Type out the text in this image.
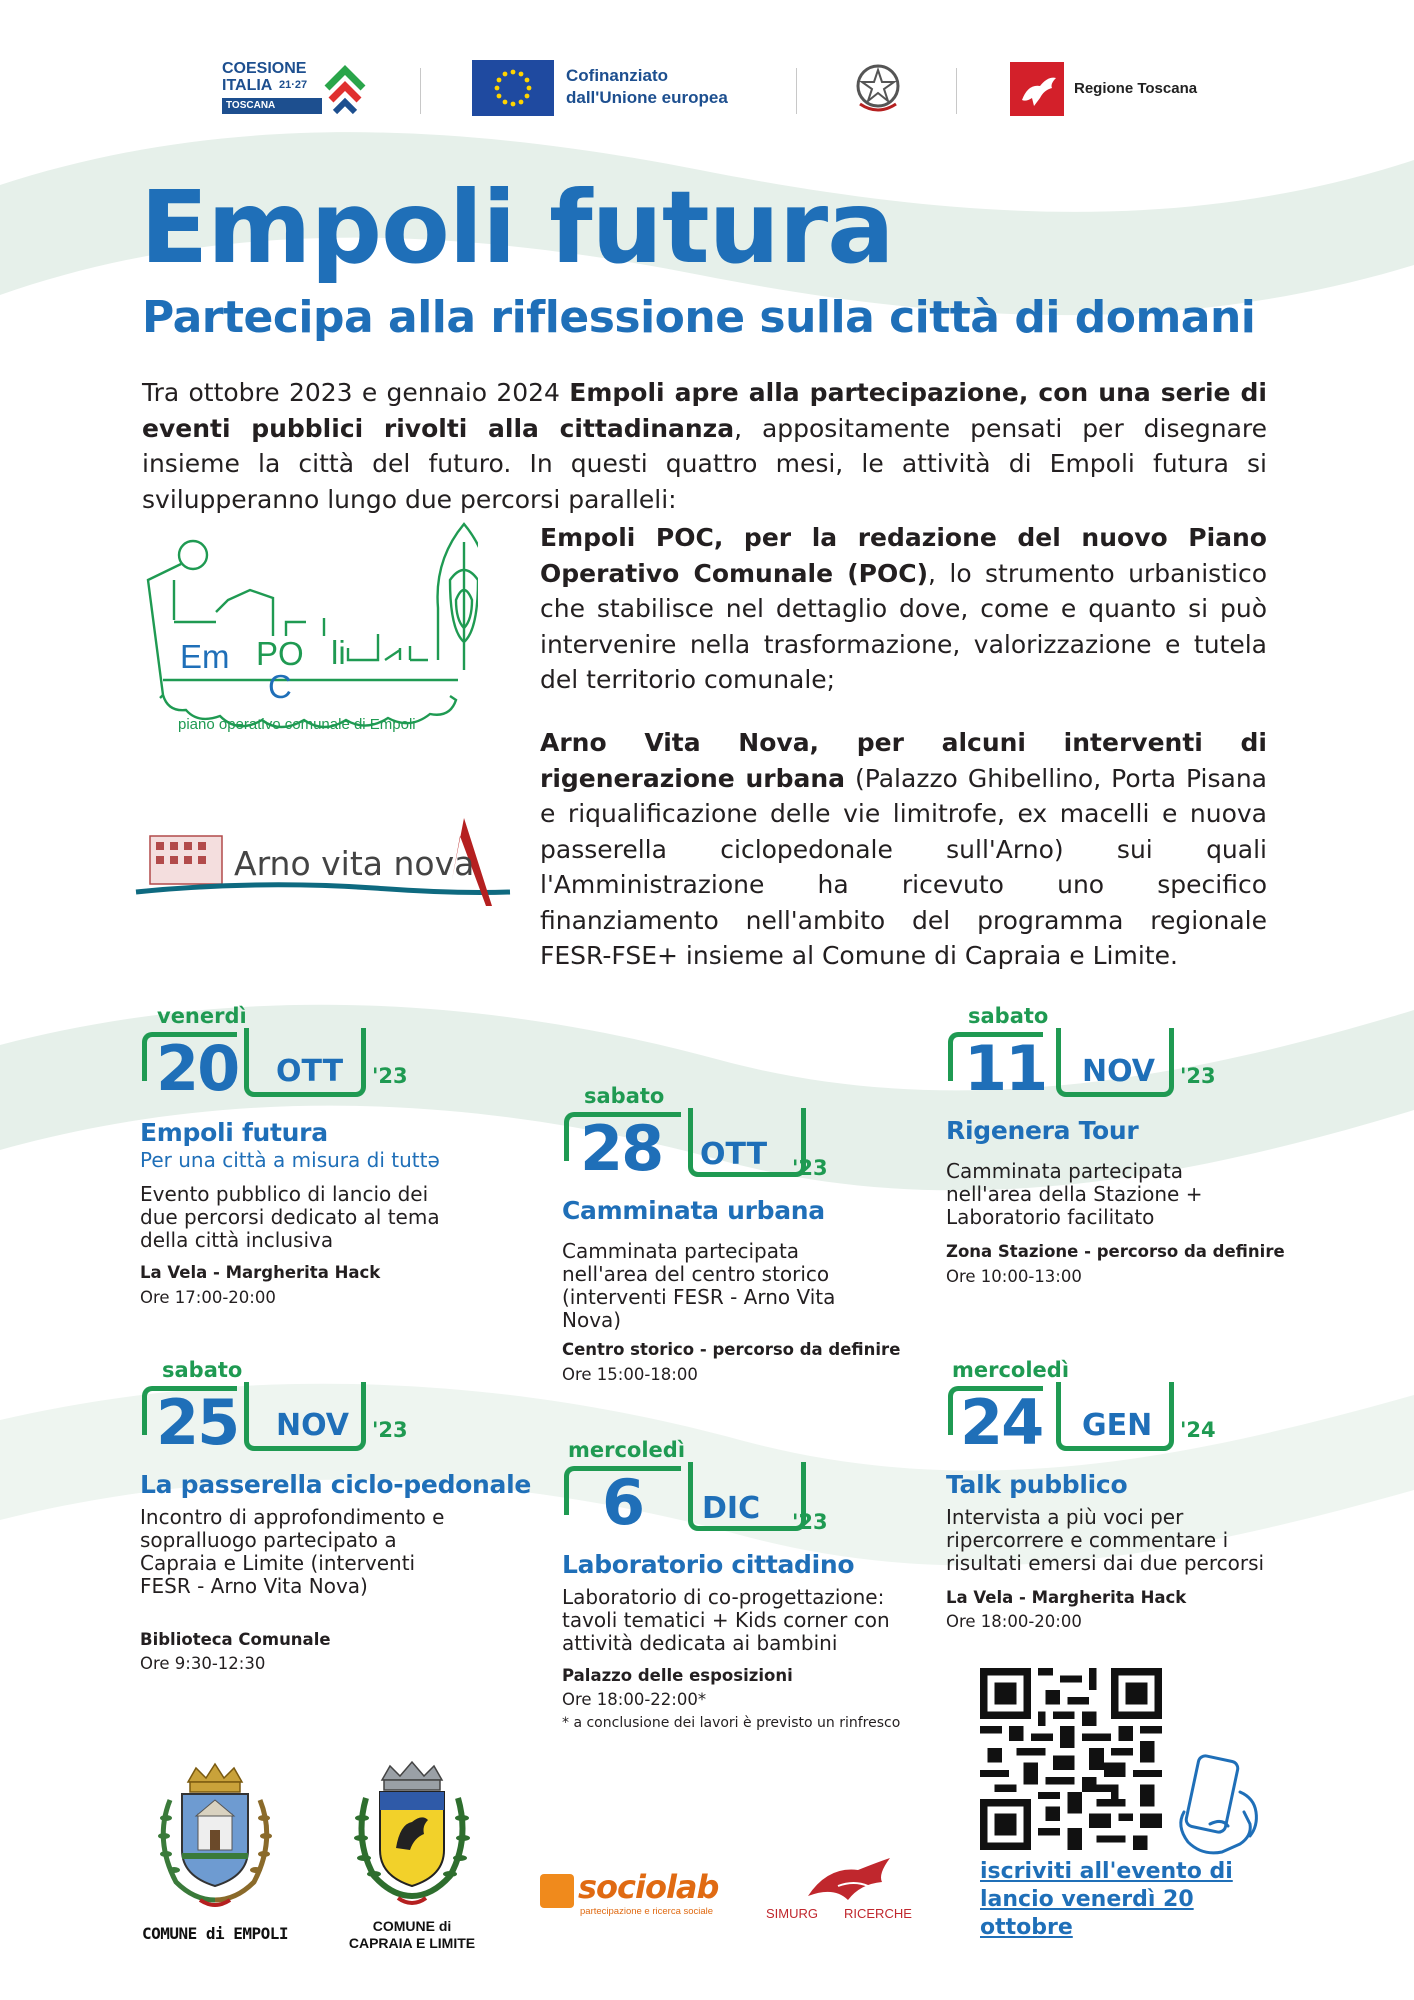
COESIONE
ITALIA 21·27
TOSCANA
Cofinanziato
dall'Unione europea	Regione Toscana
Empoli futura
Partecipa alla riflessione sulla città di domani
Tra ottobre 2023 e gennaio 2024 Empoli apre alla partecipazione, con una serie di eventi pubblici rivolti alla cittadinanza, appositamente pensati per disegnare insieme la città del futuro. In questi quattro mesi, le attività di Empoli futura si svilupperanno lungo due percorsi paralleli:
Em PO
C
li
piano operativo comunale di Empoli
Arno vita nova
Empoli POC, per la redazione del nuovo Piano Operativo Comunale (POC), lo strumento urbanistico che stabilisce nel dettaglio dove, come e quanto si può intervenire nella trasformazione, valorizzazione e tutela del territorio comunale;
Arno Vita Nova, per alcuni interventi di rigenerazione urbana (Palazzo Ghibellino, Porta Pisana e riqualificazione delle vie limitrofe, ex macelli e nuova passerella ciclopedonale sull'Arno) sui quali l'Amministrazione ha ricevuto uno specifico finanziamento nell'ambito del programma regionale FESR-FSE+ insieme al Comune di Capraia e Limite.
venerdì
20 OTT '23
Empoli futura
Per una città a misura di tuttə
Evento pubblico di lancio dei due percorsi dedicato al tema della città inclusiva
La Vela - Margherita Hack
Ore 17:00-20:00
sabato
28 OTT '23
Camminata urbana
Camminata partecipata nell'area del centro storico (interventi FESR - Arno Vita Nova)
Centro storico - percorso da definire
Ore 15:00-18:00
sabato
11 NOV '23
Rigenera Tour
Camminata partecipata nell'area della Stazione + Laboratorio facilitato
Zona Stazione - percorso da definire
Ore 10:00-13:00
sabato
25 NOV '23
La passerella ciclo-pedonale
Incontro di approfondimento e sopralluogo partecipato a Capraia e Limite (interventi FESR - Arno Vita Nova)
Biblioteca Comunale
Ore 9:30-12:30
mercoledì
6 DIC '23
Laboratorio cittadino
Laboratorio di co-progettazione: tavoli tematici + Kids corner con attività dedicata ai bambini
Palazzo delle esposizioni
Ore 18:00-22:00*
* a conclusione dei lavori è previsto un rinfresco
mercoledì
24 GEN '24
Talk pubblico
Intervista a più voci per ripercorrere e commentare i risultati emersi dai due percorsi
La Vela - Margherita Hack
Ore 18:00-20:00
iscriviti all'evento di
lancio venerdì 20 ottobre
COMUNE di EMPOLI	COMUNE di
CAPRAIA E LIMITE
sociolab
partecipazione e ricerca sociale	SIMURG RICERCHE
